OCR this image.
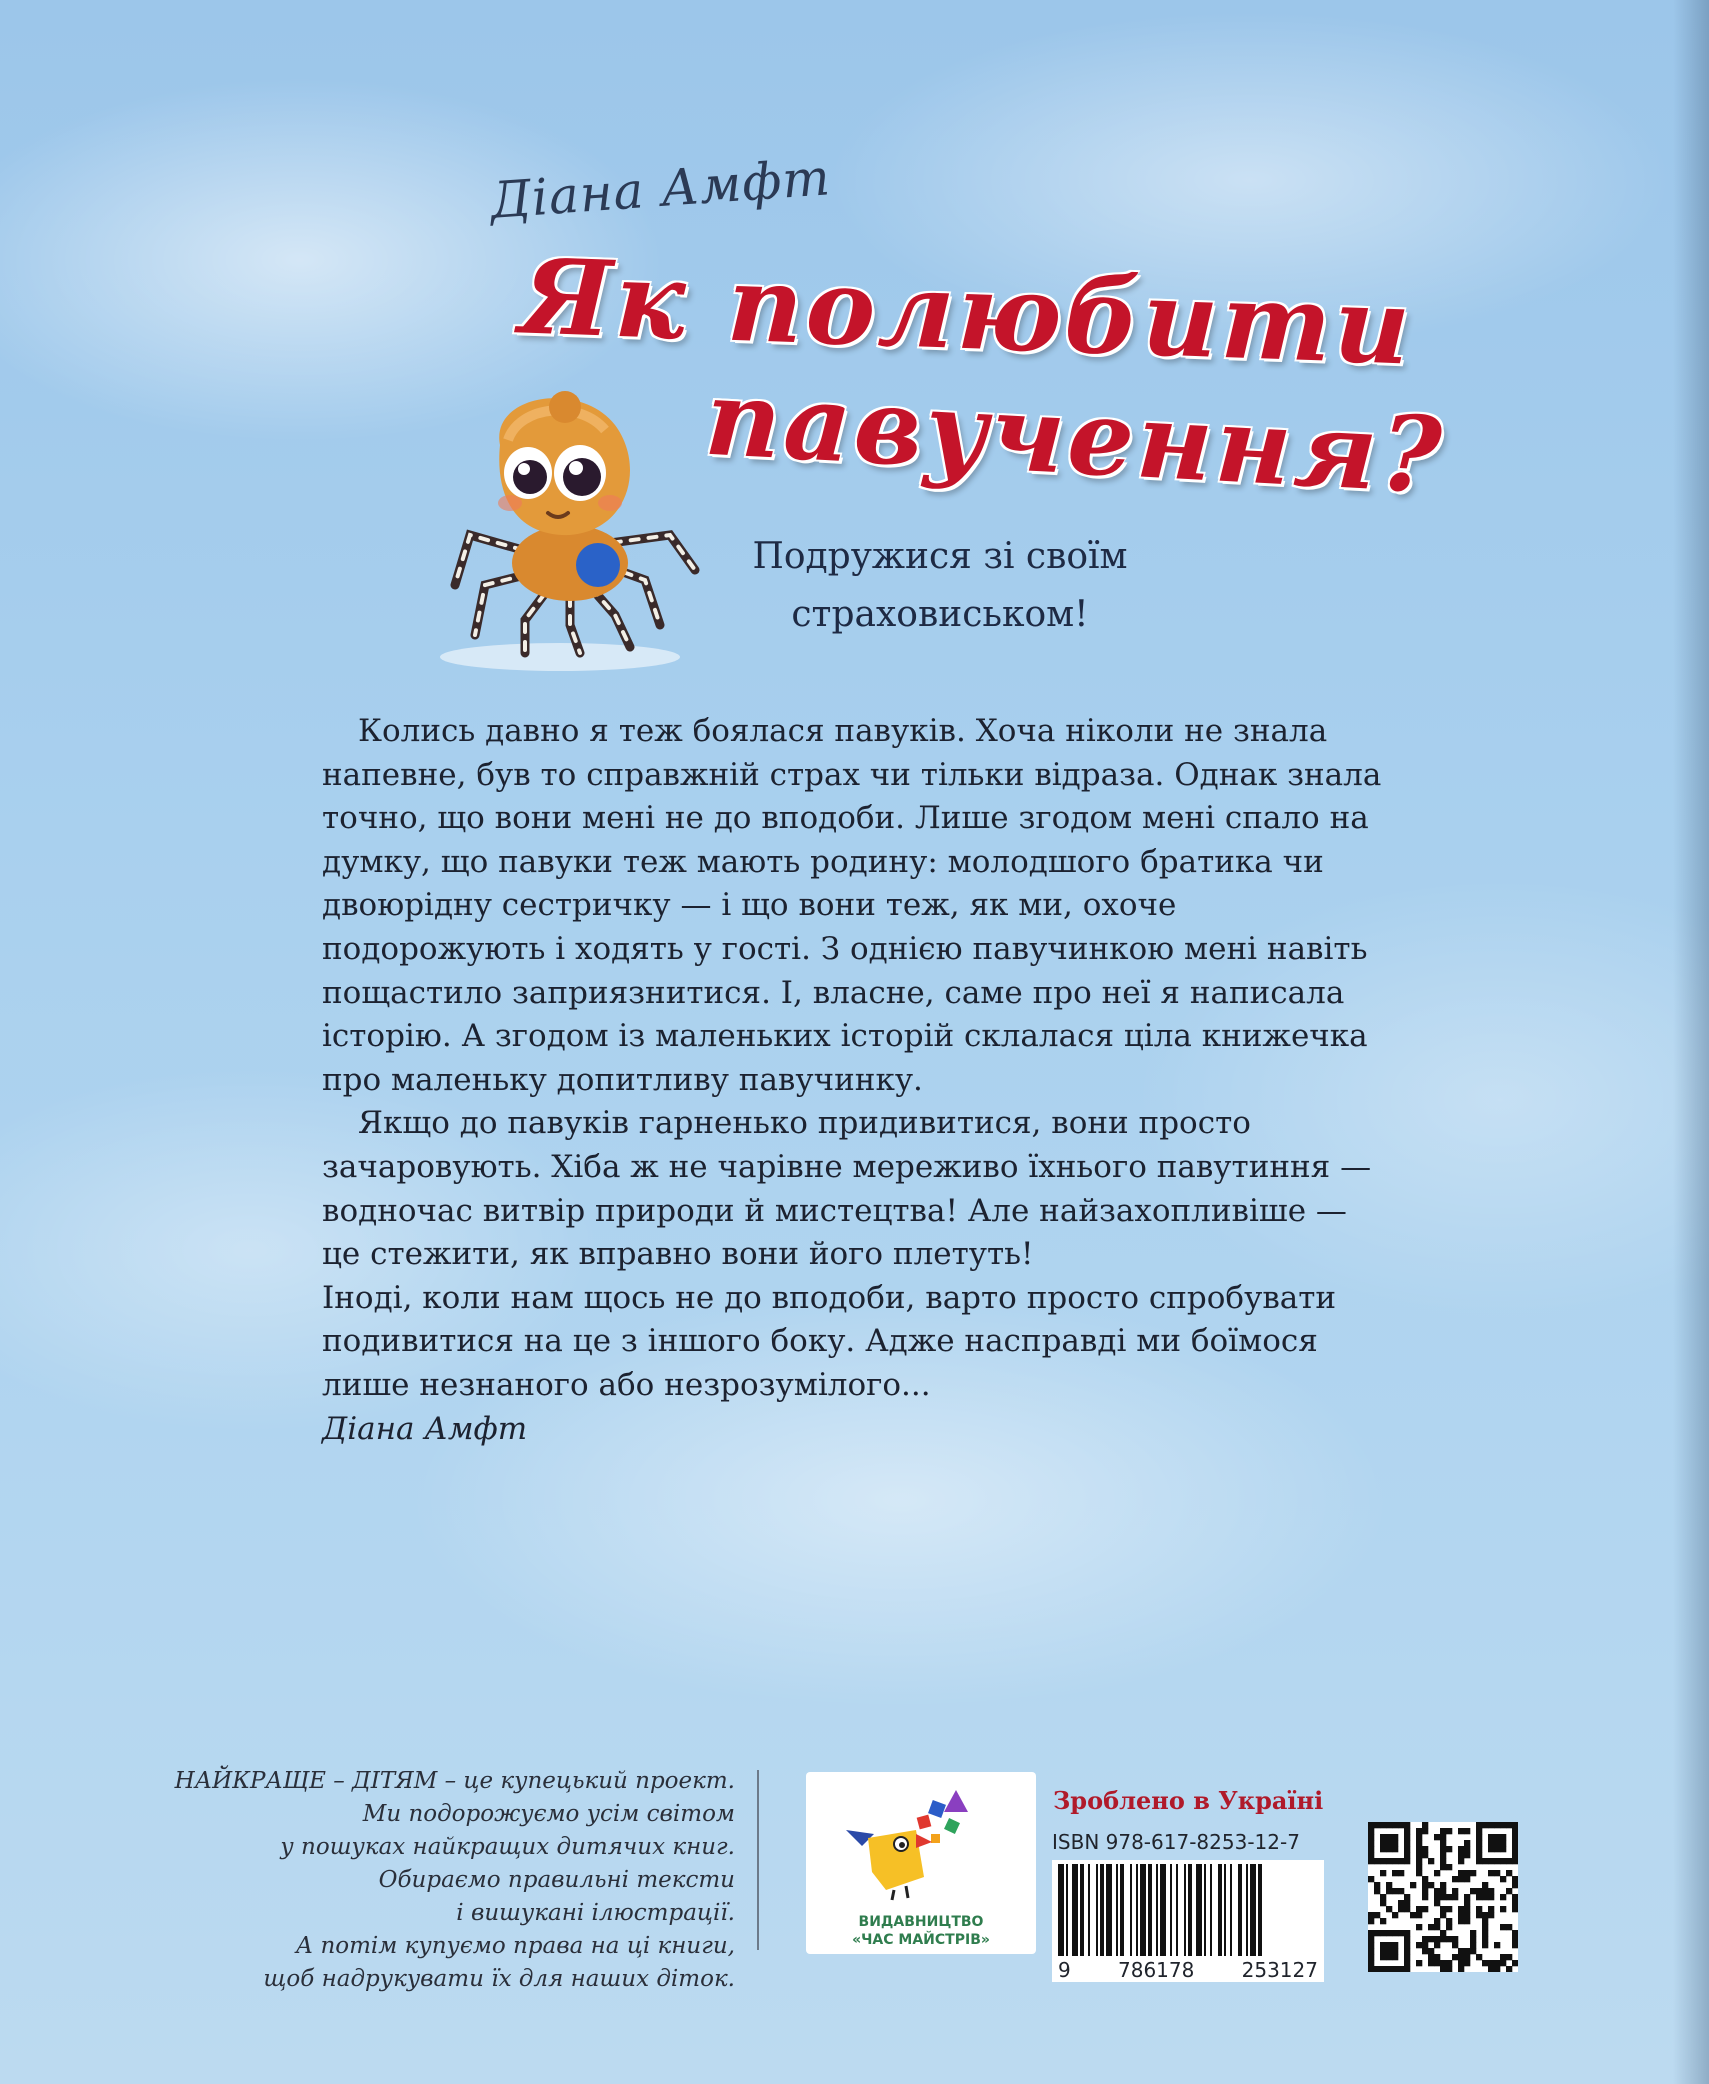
Діана Амфт
Як полюбити
павучення?
Подружися зі своїм
страховиськом!

Колись давно я теж боялася павуків. Хоча ніколи не знала

напевне, був то справжній страх чи тільки відраза. Однак знала

точно, що вони мені не до вподоби. Лише згодом мені спало на

думку, що павуки теж мають родину: молодшого братика чи

двоюрідну сестричку — і що вони теж, як ми, охоче

подорожують і ходять у гості. З однією павучинкою мені навіть

пощастило заприязнитися. І, власне, саме про неї я написала

історію. А згодом із маленьких історій склалася ціла книжечка

про маленьку допитливу павучинку.

Якщо до павуків гарненько придивитися, вони просто

зачаровують. Хіба ж не чарівне мереживо їхнього павутиння —

водночас витвір природи й мистецтва! Але найзахопливіше —

це стежити, як вправно вони його плетуть!

Іноді, коли нам щось не до вподоби, варто просто спробувати

подивитися на це з іншого боку. Адже насправді ми боїмося

лише незнаного або незрозумілого...

Діана Амфт

НАЙКРАЩЕ – ДІТЯМ – це купецький проект.

Ми подорожуємо усім світом

у пошуках найкращих дитячих книг.

Обираємо правильні тексти

і вишукані ілюстрації.

А потім купуємо права на ці книги,

щоб надрукувати їх для наших діток.

ВИДАВНИЦТВО
«ЧАС МАЙСТРІВ»
Зроблено в Україні
ISBN 978-617-8253-12-7
9 786178 253127
